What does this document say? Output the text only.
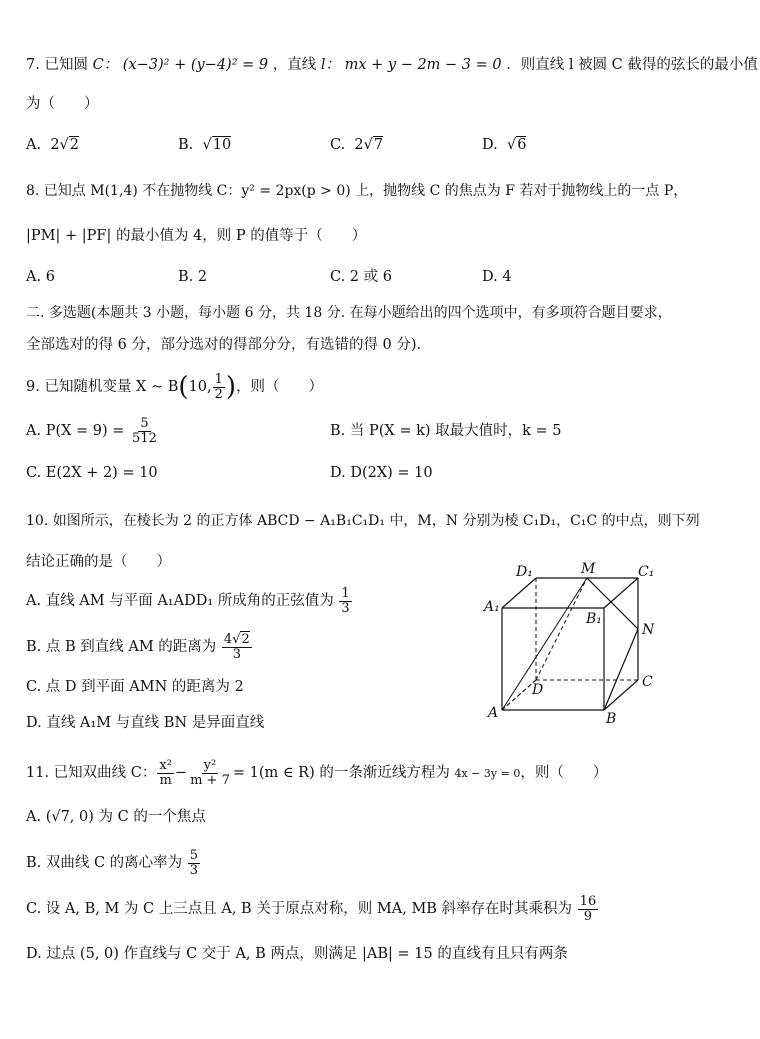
7. 已知圆 C： (x−3)² + (y−4)² = 9 ，直线 l： mx + y − 2m − 3 = 0 ．则直线 l 被圆 C 截得的弦长的最小值
为（　　）
A. 2√2	B. √10	C. 2√7	D. √6
8. 已知点 M(1,4) 不在抛物线 C：y² = 2px(p > 0) 上，抛物线 C 的焦点为 F 若对于抛物线上的一点 P，
|PM| + |PF| 的最小值为 4，则 P 的值等于（　　）
A. 6	B. 2	C. 2 或 6	D. 4
二. 多选题(本题共 3 小题，每小题 6 分，共 18 分. 在每小题给出的四个选项中，有多项符合题目要求，
全部选对的得 6 分，部分选对的得部分分，有选错的得 0 分).
9. 已知随机变量 X ~ B(10, $\frac{1}{2}$ )，则（　　）
A. $P(X = 9) = \frac{5}{512}$	B. 当 P(X = k) 取最大值时，k = 5
C. E(2X + 2) = 10	D. D(2X) = 10
10. 如图所示，在棱长为 2 的正方体 ABCD − A₁B₁C₁D₁ 中，M，N 分别为棱 C₁D₁，C₁C 的中点，则下列
结论正确的是（　　）
A. 直线 AM 与平面 A₁ADD₁ 所成角的正弦值为 $\frac{1}{3}$
B. 点 B 到直线 AM 的距离为 $\frac{4√2}{3}$
C. 点 D 到平面 AMN 的距离为 2
D. 直线 A₁M 与直线 BN 是异面直线
D₁	M	C₁
A₁
B₁
N
D	C
A	B
11. 已知双曲线 C： $\frac{\text{x²}}{m} - \frac{\text{y²}}{m + 7} = 1(m$ ∈ R) 的一条渐近线方程为 4x − 3y = 0，则（　　）
A. (√7, 0) 为 C 的一个焦点
B. 双曲线 C 的离心率为 $\frac{5}{3}$
C. 设 A, B, M 为 C 上三点且 A, B 关于原点对称，则 MA, MB 斜率存在时其乘积为 $\frac{16}{9}$
D. 过点 (5, 0) 作直线与 C 交于 A, B 两点，则满足 |AB| = 15 的直线有且只有两条
